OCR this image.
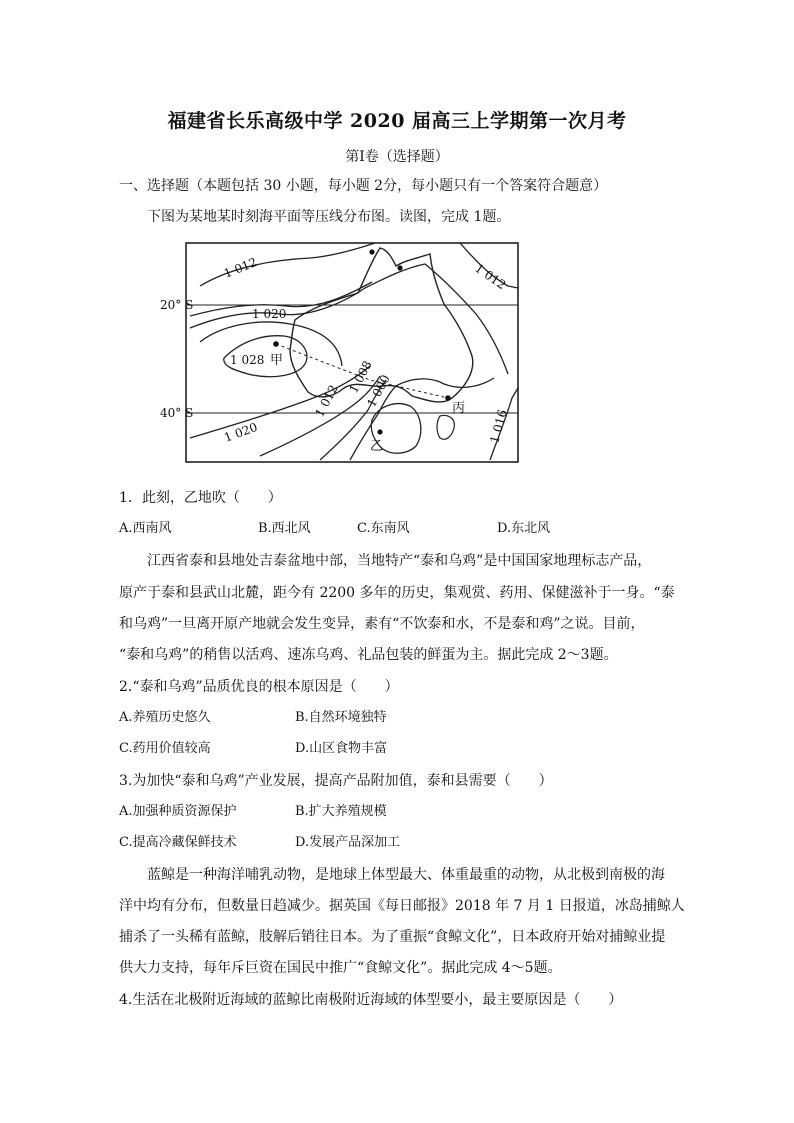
福建省长乐高级中学 2020 届高三上学期第一次月考
第Ⅰ卷（选择题）
一、选择题（本题包括 30 小题，每小题 2分，每小题只有一个答案符合题意）
下图为某地某时刻海平面等压线分布图。读图，完成 1题。
20° S
40° S
1 012	1 012
1 020
1 028
1 012
1 008
1 000
1 020	1 016
甲
乙
丙
1．此刻，乙地吹（　　）
A.西南风	B.西北风	C.东南风	D.东北风
江西省泰和县地处吉泰盆地中部，当地特产“泰和乌鸡”是中国国家地理标志产品，
原产于泰和县武山北麓，距今有 2200 多年的历史，集观赏、药用、保健滋补于一身。“泰
和乌鸡”一旦离开原产地就会发生变异，素有“不饮泰和水，不是泰和鸡”之说。目前，
“泰和乌鸡”的稍售以活鸡、速冻乌鸡、礼品包装的鲜蛋为主。据此完成 2～3题。
2.“泰和乌鸡”品质优良的根本原因是（　　）
A.养殖历史悠久	B.自然环境独特
C.药用价值较高	D.山区食物丰富
3.为加快“泰和乌鸡”产业发展，提高产品附加值，泰和县需要（　　）
A.加强种质资源保护	B.扩大养殖规模
C.提高冷藏保鲜技术	D.发展产品深加工
蓝鲸是一种海洋哺乳动物，是地球上体型最大、体重最重的动物，从北极到南极的海
洋中均有分布，但数量日趋减少。据英国《每日邮报》2018 年 7 月 1 日报道，冰岛捕鲸人
捕杀了一头稀有蓝鲸，肢解后销往日本。为了重振“食鲸文化”，日本政府开始对捕鲸业提
供大力支持，每年斥巨资在国民中推广“食鲸文化”。据此完成 4～5题。
4.生活在北极附近海域的蓝鲸比南极附近海域的体型要小，最主要原因是（　　）
